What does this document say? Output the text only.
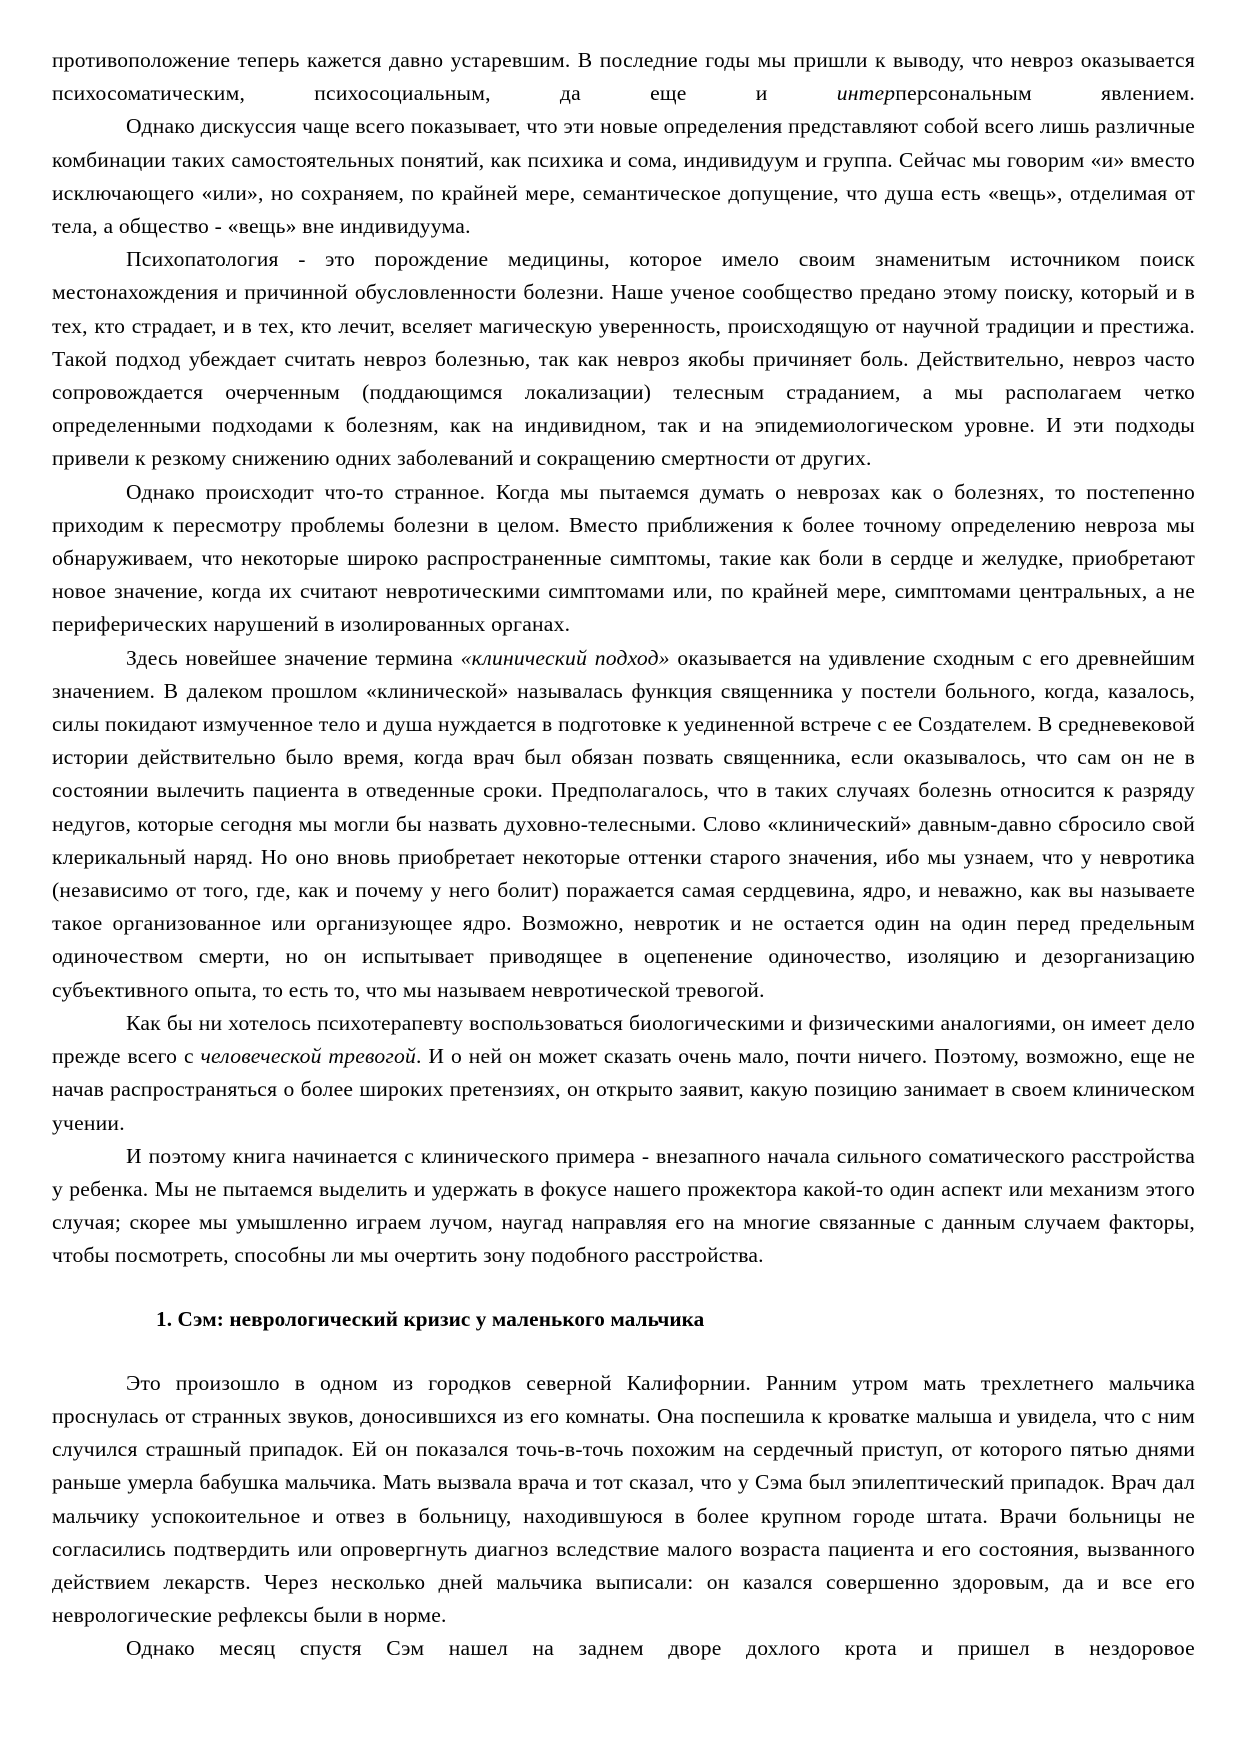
противоположение теперь кажется давно устаревшим. В последние годы мы пришли к выводу, что невроз оказывается психосоматическим, психосоциальным, да еще и интерперсональным явлением.

Однако дискуссия чаще всего показывает, что эти новые определения представляют собой всего лишь различные комбинации таких самостоятельных понятий, как психика и сома, индивидуум и группа. Сейчас мы говорим «и» вместо исключающего «или», но сохраняем, по крайней мере, семантическое допущение, что душа есть «вещь», отделимая от тела, а общество - «вещь» вне индивидуума.

Психопатология - это порождение медицины, которое имело своим знаменитым источником поиск местонахождения и причинной обусловленности болезни. Наше ученое сообщество предано этому поиску, который и в тех, кто страдает, и в тех, кто лечит, вселяет магическую уверенность, происходящую от научной традиции и престижа. Такой подход убеждает считать невроз болезнью, так как невроз якобы причиняет боль. Действительно, невроз часто сопровождается очерченным (поддающимся локализации) телесным страданием, а мы располагаем четко определенными подходами к болезням, как на индивидном, так и на эпидемиологическом уровне. И эти подходы привели к резкому снижению одних заболеваний и сокращению смертности от других.

Однако происходит что-то странное. Когда мы пытаемся думать о неврозах как о болезнях, то постепенно приходим к пересмотру проблемы болезни в целом. Вместо приближения к более точному определению невроза мы обнаруживаем, что некоторые широко распространенные симптомы, такие как боли в сердце и желудке, приобретают новое значение, когда их считают невротическими симптомами или, по крайней мере, симптомами центральных, а не периферических нарушений в изолированных органах.

Здесь новейшее значение термина «клинический подход» оказывается на удивление сходным с его древнейшим значением. В далеком прошлом «клинической» называлась функция священника у постели больного, когда, казалось, силы покидают измученное тело и душа нуждается в подготовке к уединенной встрече с ее Создателем. В средневековой истории действительно было время, когда врач был обязан позвать священника, если оказывалось, что сам он не в состоянии вылечить пациента в отведенные сроки. Предполагалось, что в таких случаях болезнь относится к разряду недугов, которые сегодня мы могли бы назвать духовно-телесными. Слово «клинический» давным-давно сбросило свой клерикальный наряд. Но оно вновь приобретает некоторые оттенки старого значения, ибо мы узнаем, что у невротика (независимо от того, где, как и почему у него болит) поражается самая сердцевина, ядро, и неважно, как вы называете такое организованное или организующее ядро. Возможно, невротик и не остается один на один перед предельным одиночеством смерти, но он испытывает приводящее в оцепенение одиночество, изоляцию и дезорганизацию субъективного опыта, то есть то, что мы называем невротической тревогой.

Как бы ни хотелось психотерапевту воспользоваться биологическими и физическими аналогиями, он имеет дело прежде всего с человеческой тревогой. И о ней он может сказать очень мало, почти ничего. Поэтому, возможно, еще не начав распространяться о более широких претензиях, он открыто заявит, какую позицию занимает в своем клиническом учении.

И поэтому книга начинается с клинического примера - внезапного начала сильного соматического расстройства у ребенка. Мы не пытаемся выделить и удержать в фокусе нашего прожектора какой-то один аспект или механизм этого случая; скорее мы умышленно играем лучом, наугад направляя его на многие связанные с данным случаем факторы, чтобы посмотреть, способны ли мы очертить зону подобного расстройства.

1. Сэм: неврологический кризис у маленького мальчика

Это произошло в одном из городков северной Калифорнии. Ранним утром мать трехлетнего мальчика проснулась от странных звуков, доносившихся из его комнаты. Она поспешила к кроватке малыша и увидела, что с ним случился страшный припадок. Ей он показался точь-в-точь похожим на сердечный приступ, от которого пятью днями раньше умерла бабушка мальчика. Мать вызвала врача и тот сказал, что у Сэма был эпилептический припадок. Врач дал мальчику успокоительное и отвез в больницу, находившуюся в более крупном городе штата. Врачи больницы не согласились подтвердить или опровергнуть диагноз вследствие малого возраста пациента и его состояния, вызванного действием лекарств. Через несколько дней мальчика выписали: он казался совершенно здоровым, да и все его неврологические рефлексы были в норме.

Однако месяц спустя Сэм нашел на заднем дворе дохлого крота и пришел в нездоровое
